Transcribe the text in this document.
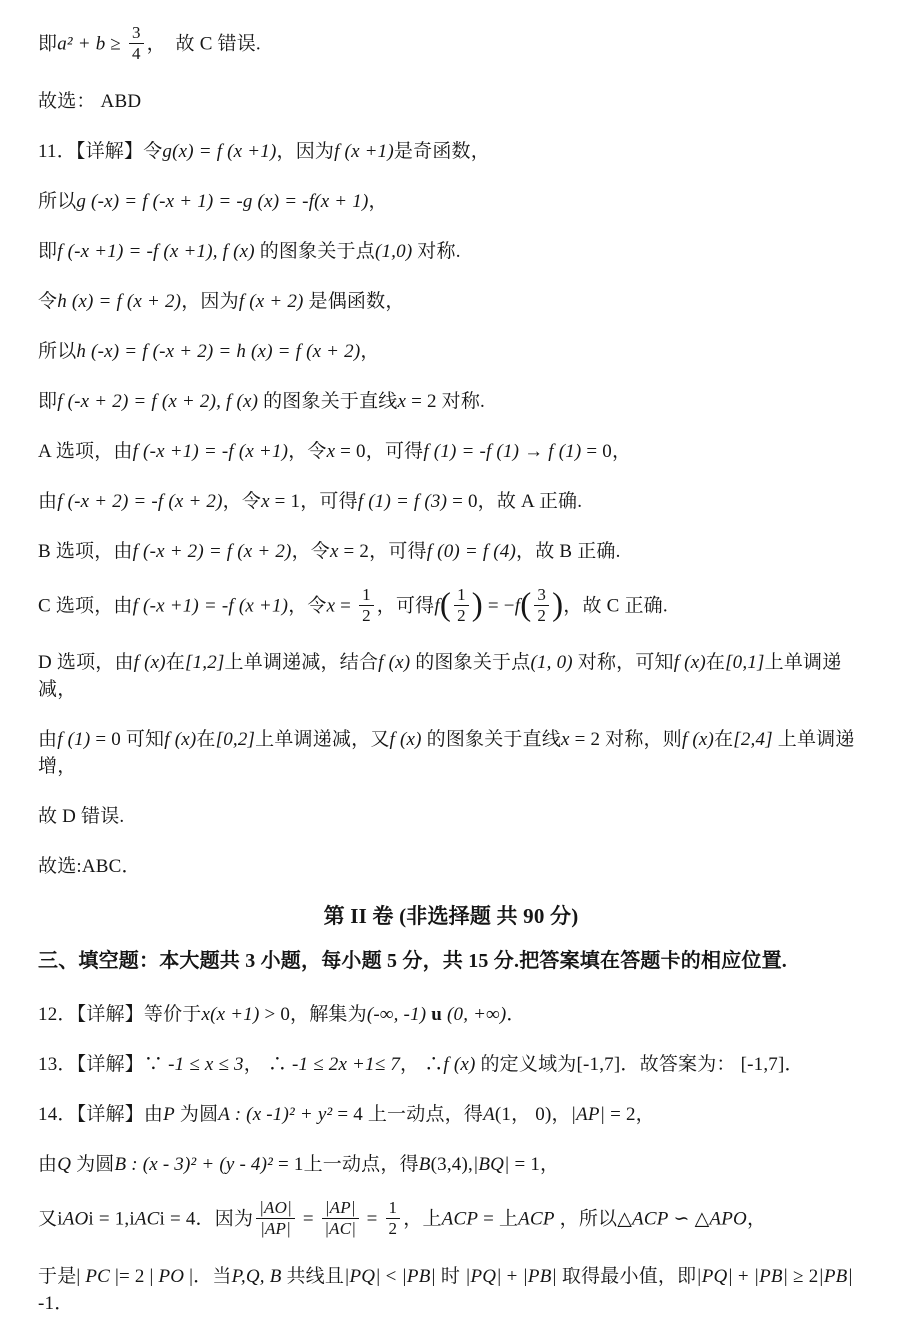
即$a^2 + b \ge \frac{3}{4}$ ，　故 C 错误.
故选： ABD
11．【详解】令g(x) = f (x +1)，因为f (x +1)是奇函数，
所以g (-x) = f (-x + 1) = -g (x) = -f(x + 1)，
即f (-x +1) = -f (x +1), f (x) 的图象关于点(1,0) 对称.
令h (x) = f (x + 2)，因为f (x + 2) 是偶函数，
所以h (-x) = f (-x + 2) = h (x) = f (x + 2)，
即f (-x + 2) = f (x + 2), f (x) 的图象关于直线x = 2 对称.
A 选项，由f (-x +1) = -f (x +1)，令x = 0，可得f (1) = -f (1) → f (1) = 0，
由f (-x + 2) = -f (x + 2)，令x = 1，可得f (1) = f (3) = 0，故 A 正确.
B 选项，由f (-x + 2) = f (x + 2)，令x = 2，可得f (0) = f (4)，故 B 正确.
C 选项，由f (-x +1) = -f (x +1)，令$x = \frac{1}{2}$ ，可得$f( \frac{1}{2}$ ) = $-f( \frac{3}{2}$ )，故 C 正确.
D 选项，由f (x)在[1,2]上单调递减，结合f (x) 的图象关于点(1, 0) 对称，可知f (x)在[0,1]上单调递减，
由f (1) = 0 可知f (x)在[0,2]上单调递减，又f (x) 的图象关于直线x = 2 对称，则f (x)在[2,4] 上单调递增，
故 D 错误.
故选:ABC．
第 II 卷 (非选择题 共 90 分)
三、填空题：本大题共 3 小题，每小题 5 分，共 15 分.把答案填在答题卡的相应位置.
12．【详解】等价于x(x +1) > 0，解集为(-∞, -1) u (0, +∞)．
13．【详解】∵ -1 ≤ x ≤ 3， ∴ -1 ≤ 2x +1≤ 7， ∴f (x) 的定义域为[-1,7]．故答案为： [-1,7]．
14．【详解】由P 为圆A : (x -1)² + y² = 4 上一动点，得A(1， 0)，|AP| = 2，
由Q 为圆B : (x - 3)² + (y - 4)² = 1上一动点，得B(3,4),|BQ| = 1，
又iAOi = 1,iACi = 4．因为 $\frac{|AO|}{|AP|} = \frac{|AP|}{|AC|} = \frac{1}{2}$ ，上ACP = 上ACP ，所以△ACP ∽ △APO，
于是| PC |= 2 | PO |．当P,Q, B 共线且|PQ| < |PB| 时 |PQ| + |PB| 取得最小值，即|PQ| + |PB| ≥ 2|PB| -1．
